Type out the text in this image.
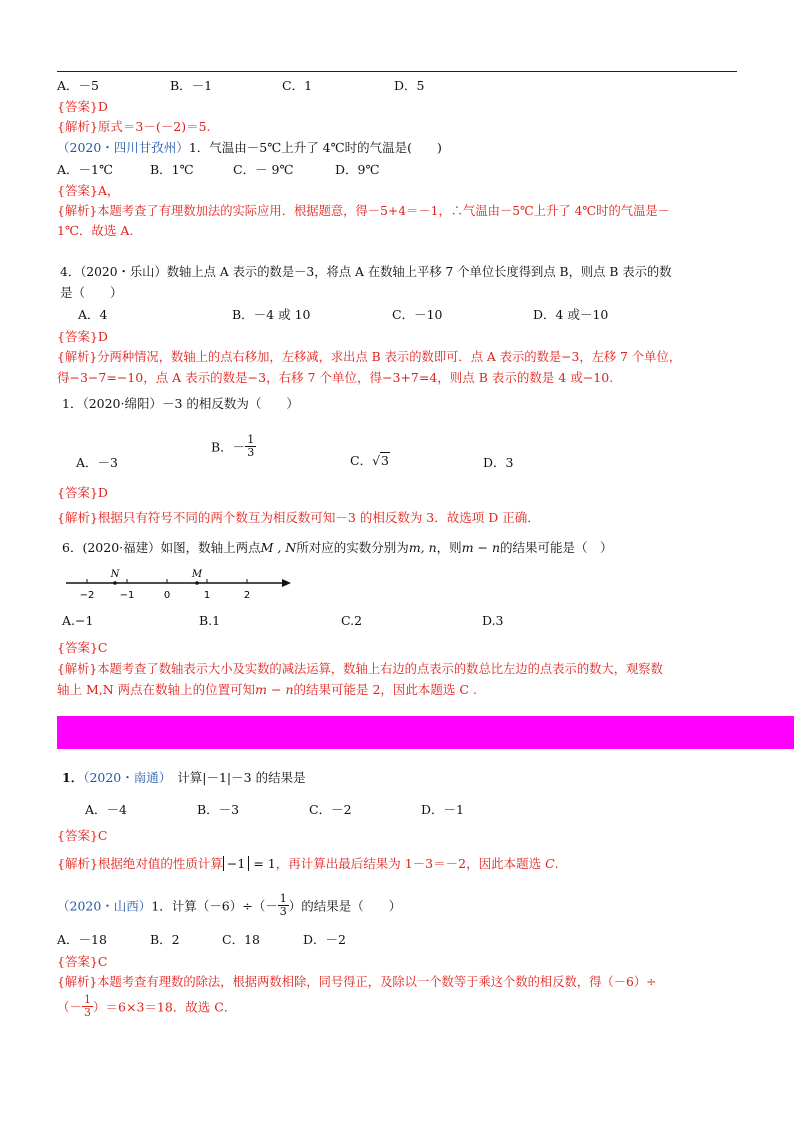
A．－5	B．－1	C．1	D．5
{答案}D
{解析}原式＝3－(－2)＝5.
（2020・四川甘孜州）1．气温由－5℃上升了 4℃时的气温是(　　)
A．－1℃	B．1℃	C．－ 9℃	D．9℃
{答案}A，
{解析}本题考查了有理数加法的实际应用．根据题意，得－5+4＝－1，∴气温由－5℃上升了 4℃时的气温是－
1℃．故选 A.
4．（2020・乐山）数轴上点 A 表示的数是－3，将点 A 在数轴上平移 7 个单位长度得到点 B，则点 B 表示的数
是（　　）
A．4	B．－4 或 10	C．－10	D．4 或－10
{答案}D
{解析}分两种情况，数轴上的点右移加，左移减，求出点 B 表示的数即可．点 A 表示的数是−3，左移 7 个单位，
得−3−7=−10，点 A 表示的数是−3，右移 7 个单位，得−3+7=4，则点 B 表示的数是 4 或−10.
1．（2020·绵阳）－3 的相反数为（　　）
A．－3
B．－ $\frac{1}{3}$
C．√3	D．3
{答案}D
{解析}根据只有符号不同的两个数互为相反数可知－3 的相反数为 3．故选项 D 正确．
6．(2020·福建）如图，数轴上两点M , N所对应的实数分别为m, n，则m − n的结果可能是（　）
−2	−1	0	1	2
N	M
A.−1	B.1	C.2	D.3
{答案}C
{解析}本题考查了数轴表示大小及实数的减法运算，数轴上右边的点表示的数总比左边的点表示的数大，观察数
轴上 M,N 两点在数轴上的位置可知m − n的结果可能是 2，因此本题选 C .
1．（2020・南通） 计算|－1|－3 的结果是
A．－4	B．－3	C．－2	D．－1
{答案}C
{解析}根据绝对值的性质计算 −1 = 1，再计算出最后结果为 1－3＝－2，因此本题选 C.
（2020・山西）1．计算$(-6)\div(- \frac{1}{3}$ ）的结果是（　　）
A．－18	B．2	C．18	D．－2
{答案}C
{解析}本题考查有理数的除法，根据两数相除，同号得正，及除以一个数等于乘这个数的相反数，得（－6）÷
（－ $\frac{1}{3} )=6\times 3=18$．故选 C．
